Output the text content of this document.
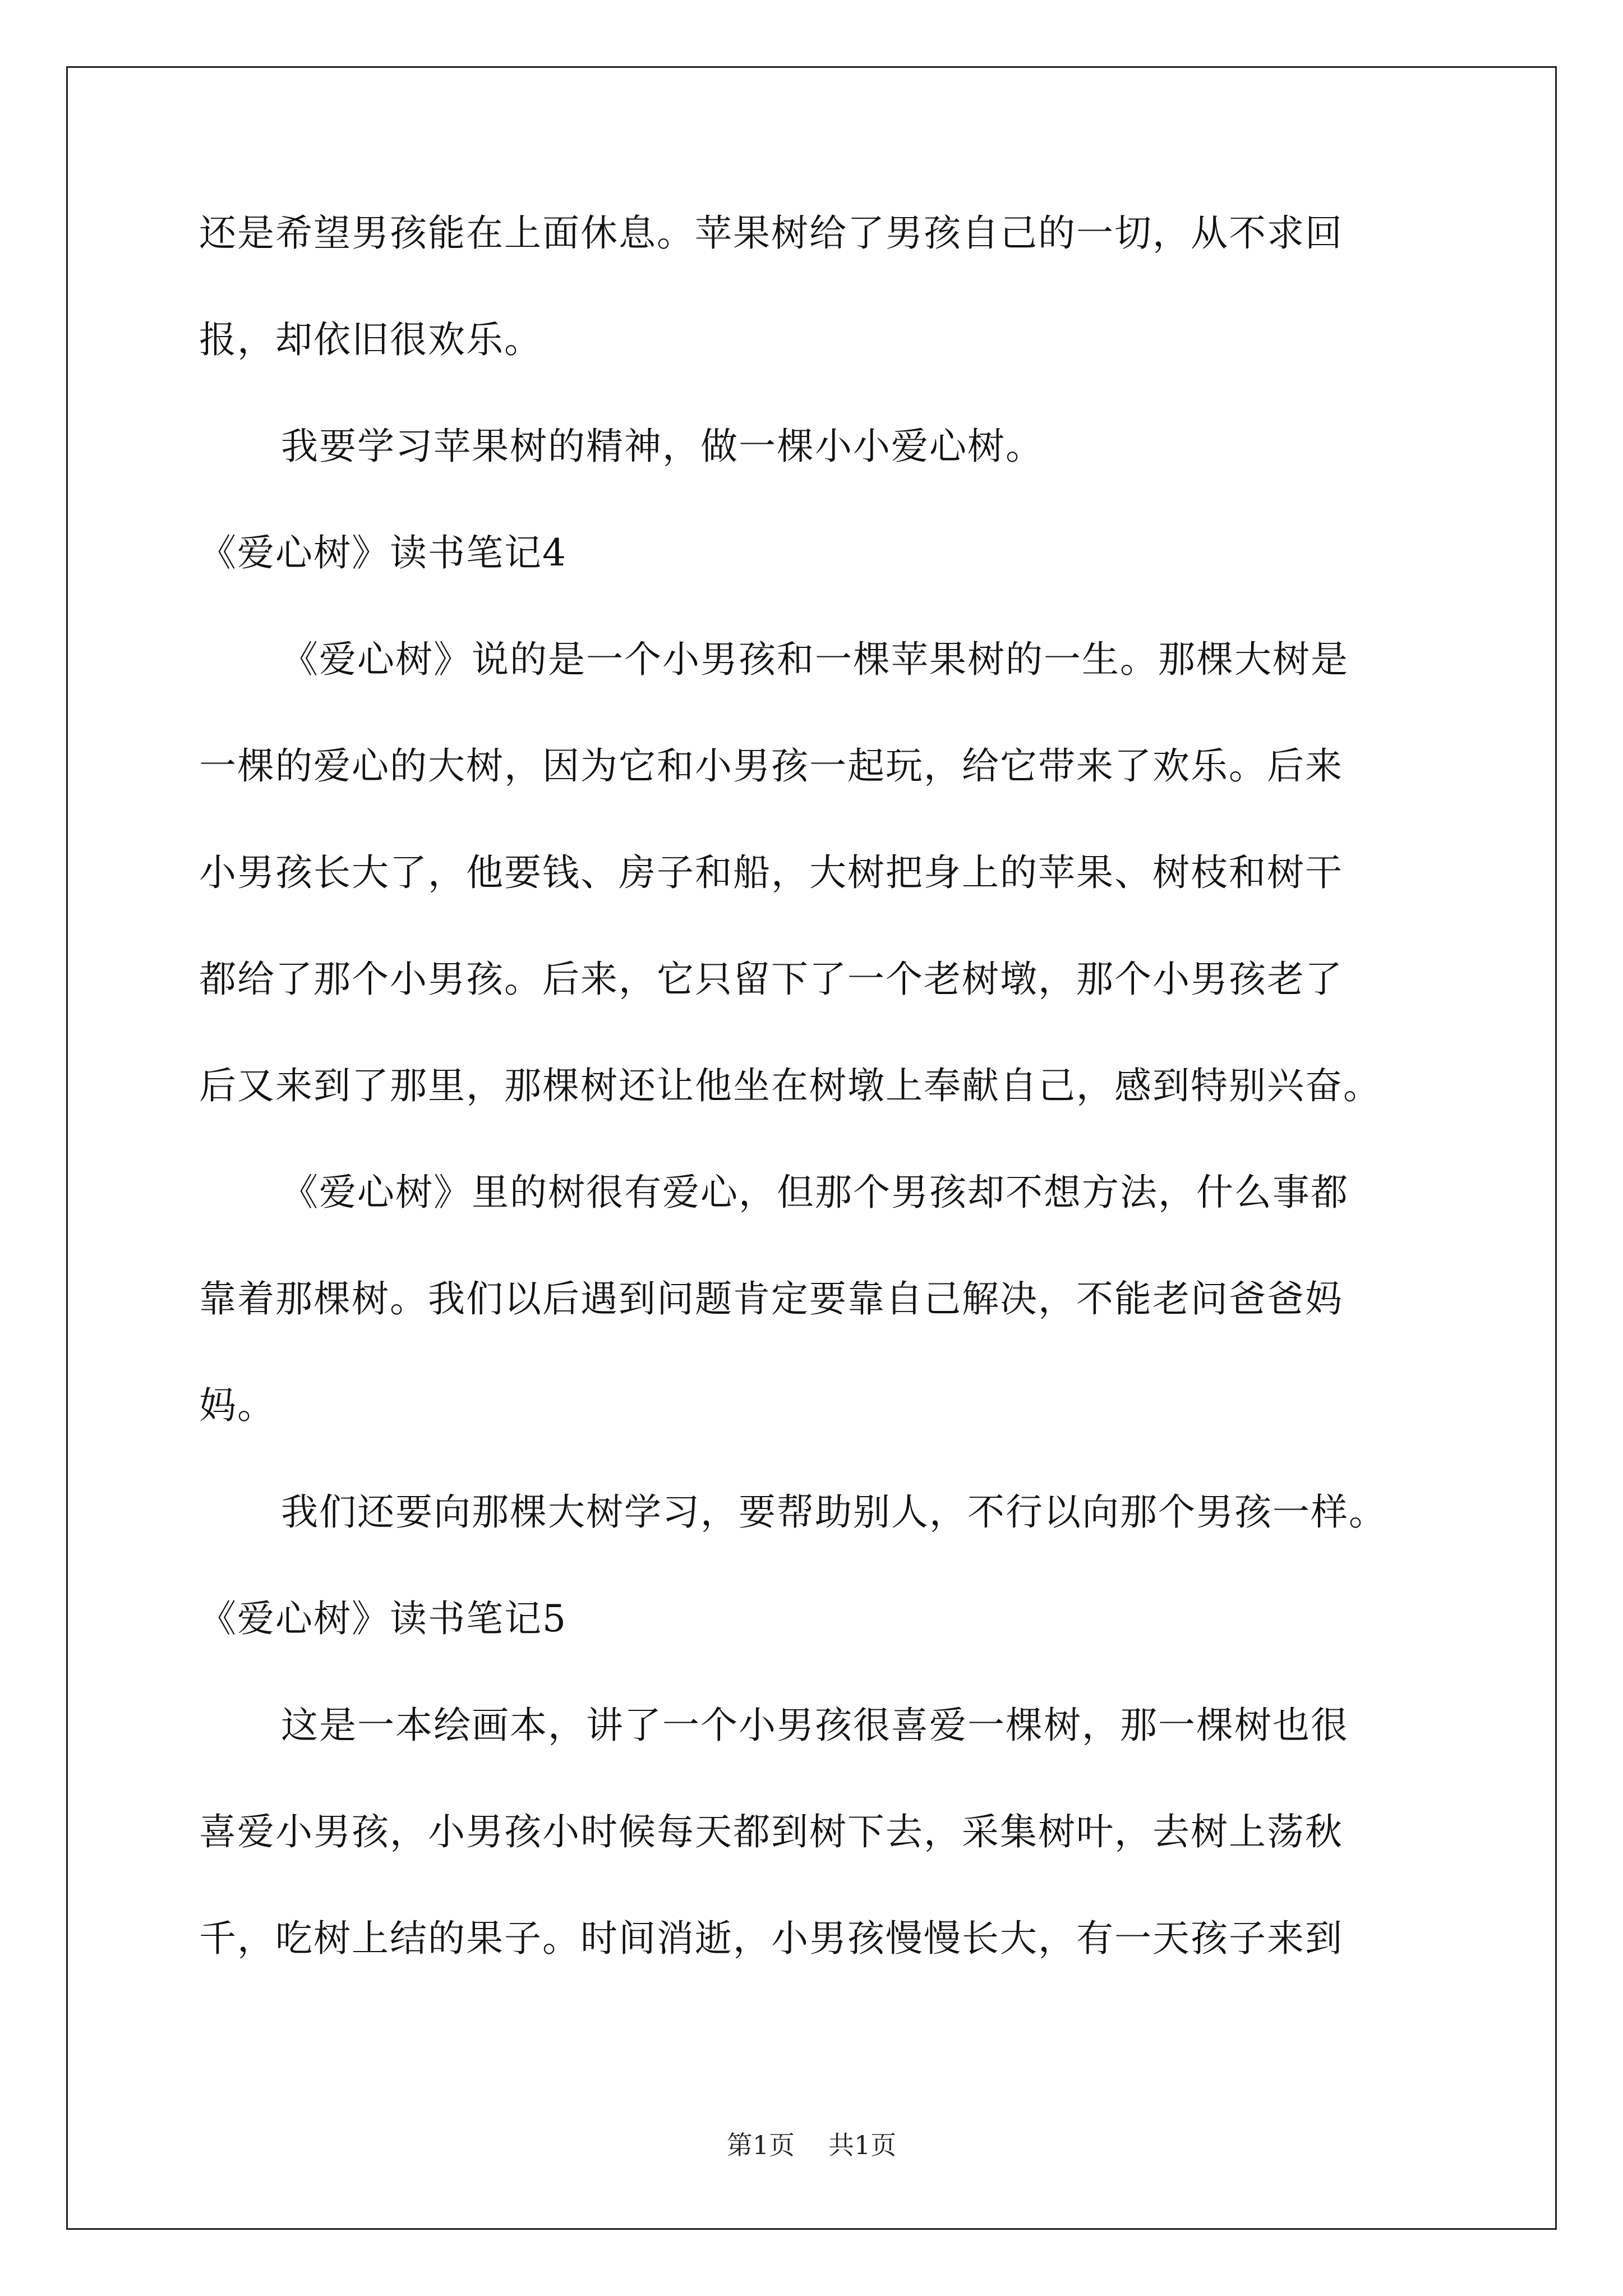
还是希望男孩能在上面休息。苹果树给了男孩自己的一切，从不求回
报，却依旧很欢乐。
我要学习苹果树的精神，做一棵小小爱心树。
《爱心树》读书笔记4
《爱心树》说的是一个小男孩和一棵苹果树的一生。那棵大树是
一棵的爱心的大树，因为它和小男孩一起玩，给它带来了欢乐。后来
小男孩长大了，他要钱、房子和船，大树把身上的苹果、树枝和树干
都给了那个小男孩。后来，它只留下了一个老树墩，那个小男孩老了
后又来到了那里，那棵树还让他坐在树墩上奉献自己，感到特别兴奋。
《爱心树》里的树很有爱心，但那个男孩却不想方法，什么事都
靠着那棵树。我们以后遇到问题肯定要靠自己解决，不能老问爸爸妈
妈。
我们还要向那棵大树学习，要帮助别人，不行以向那个男孩一样。
《爱心树》读书笔记5
这是一本绘画本，讲了一个小男孩很喜爱一棵树，那一棵树也很
喜爱小男孩，小男孩小时候每天都到树下去，采集树叶，去树上荡秋
千，吃树上结的果子。时间消逝，小男孩慢慢长大，有一天孩子来到
第1页 共1页
